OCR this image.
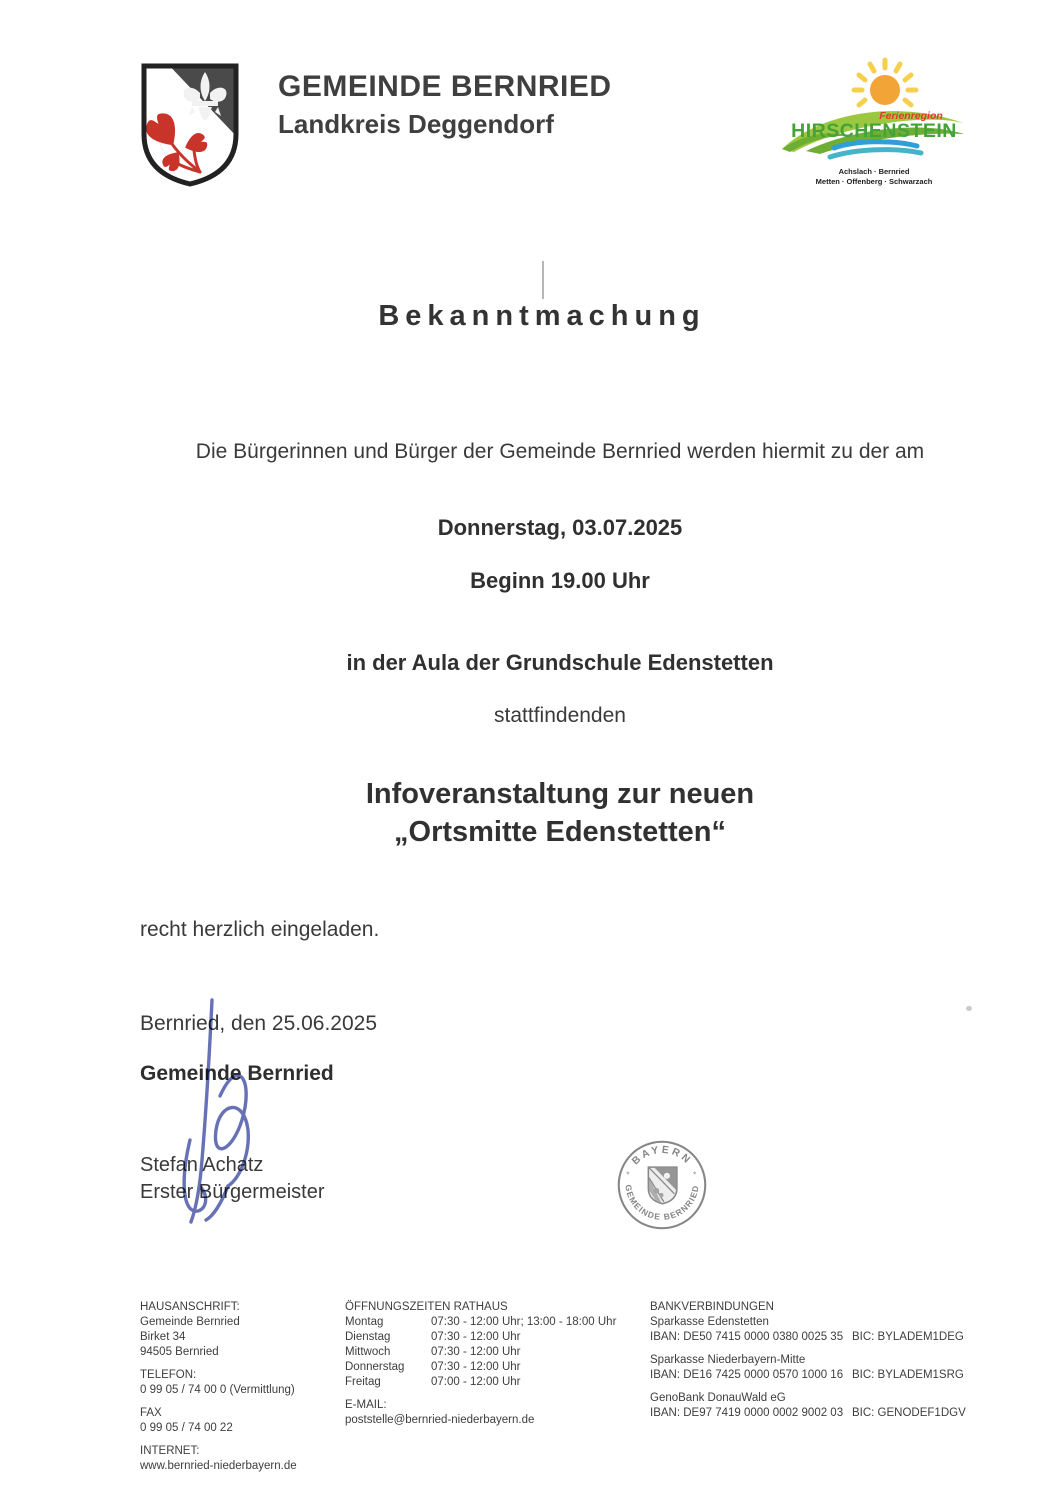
GEMEINDE BERNRIED
Landkreis Deggendorf	Ferienregion
HIRSCHENSTEIN
Achslach · Bernried
Metten · Offenberg · Schwarzach
Bekanntmachung
Die Bürgerinnen und Bürger der Gemeinde Bernried werden hiermit zu der am
Donnerstag, 03.07.2025
Beginn 19.00 Uhr
in der Aula der Grundschule Edenstetten
stattfindenden
Infoveranstaltung zur neuen
„Ortsmitte Edenstetten“
recht herzlich eingeladen.
Bernried, den 25.06.2025
Gemeinde Bernried
Stefan Achatz
Erster Bürgermeister
BAYERN
GEMEINDE BERNRIED
*	*
HAUSANSCHRIFT:
Gemeinde Bernried
Birket 34
94505 Bernried
TELEFON:
0 99 05 / 74 00 0 (Vermittlung)
FAX
0 99 05 / 74 00 22
INTERNET:
www.bernried-niederbayern.de
ÖFFNUNGSZEITEN RATHAUS
Montag	07:30 - 12:00 Uhr; 13:00 - 18:00 Uhr
Dienstag	07:30 - 12:00 Uhr
Mittwoch	07:30 - 12:00 Uhr
Donnerstag 07:30 - 12:00 Uhr
Freitag	07:00 - 12:00 Uhr
E-MAIL:
poststelle@bernried-niederbayern.de
BANKVERBINDUNGEN
Sparkasse Edenstetten
IBAN: DE50 7415 0000 0380 0025 35 BIC: BYLADEM1DEG
Sparkasse Niederbayern-Mitte
IBAN: DE16 7425 0000 0570 1000 16 BIC: BYLADEM1SRG
GenoBank DonauWald eG
IBAN: DE97 7419 0000 0002 9002 03 BIC: GENODEF1DGV
